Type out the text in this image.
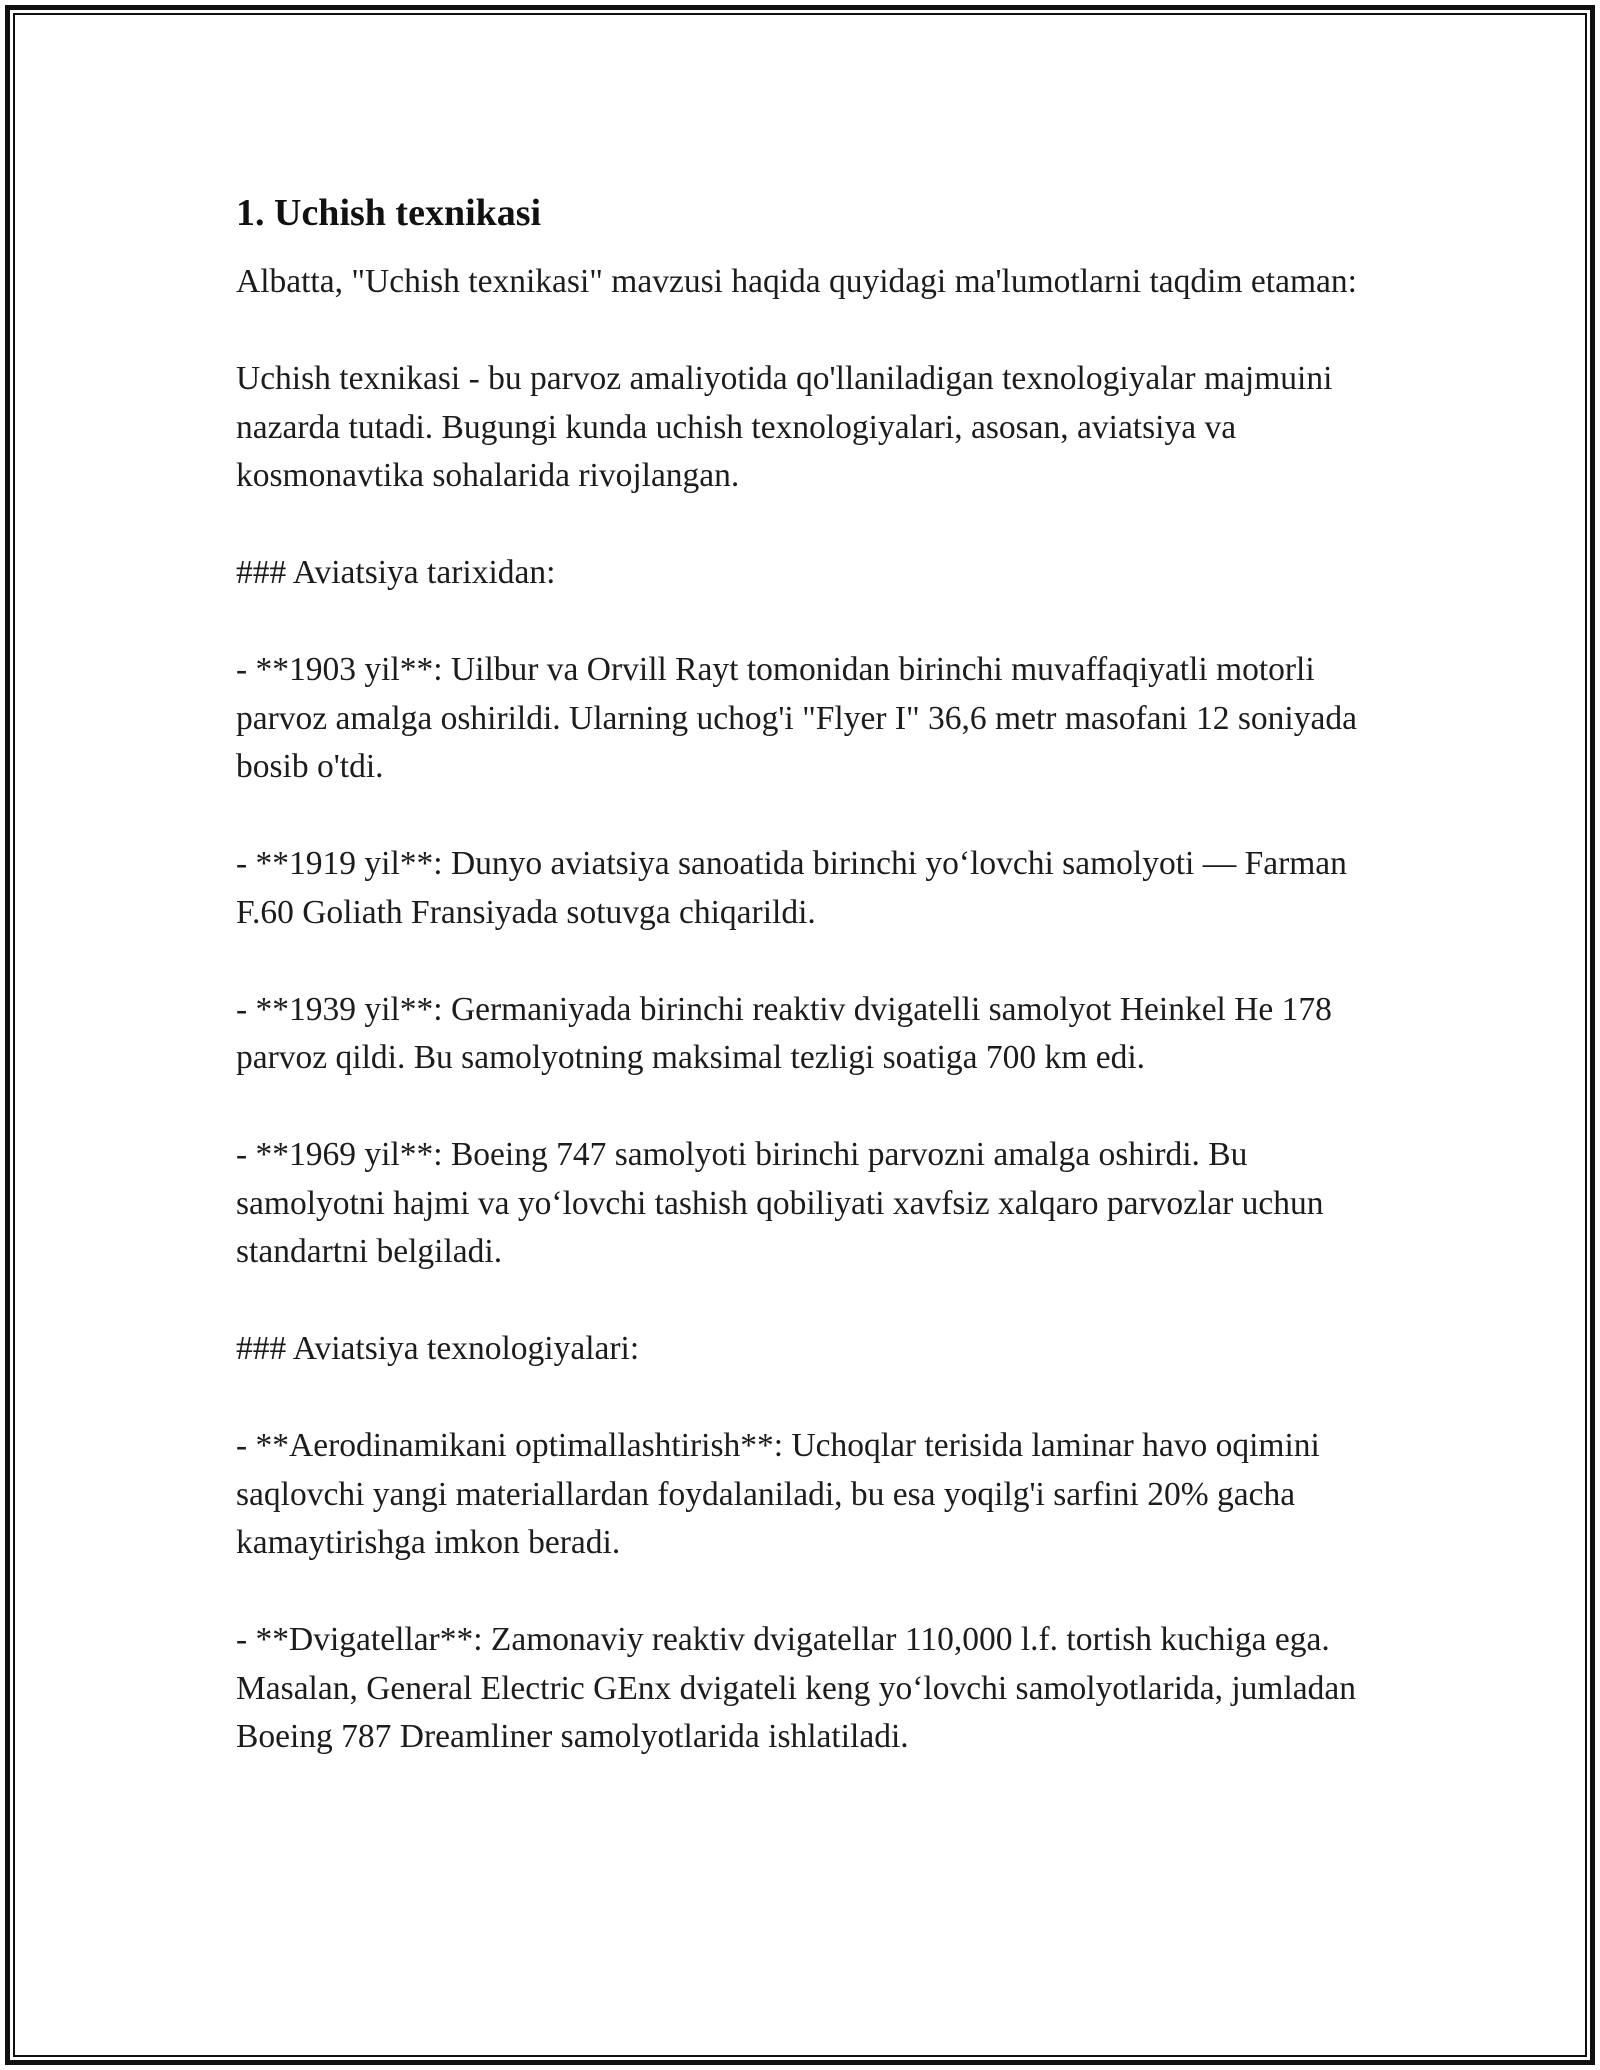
1. Uchish texnikasi

Albatta, "Uchish texnikasi" mavzusi haqida quyidagi ma'lumotlarni taqdim etaman:

Uchish texnikasi - bu parvoz amaliyotida qo'llaniladigan texnologiyalar majmuini nazarda tutadi. Bugungi kunda uchish texnologiyalari, asosan, aviatsiya va kosmonavtika sohalarida rivojlangan.

### Aviatsiya tarixidan:

- **1903 yil**: Uilbur va Orvill Rayt tomonidan birinchi muvaffaqiyatli motorli parvoz amalga oshirildi. Ularning uchog'i "Flyer I" 36,6 metr masofani 12 soniyada bosib o'tdi.

- **1919 yil**: Dunyo aviatsiya sanoatida birinchi yo‘lovchi samolyoti — Farman F.60 Goliath Fransiyada sotuvga chiqarildi.

- **1939 yil**: Germaniyada birinchi reaktiv dvigatelli samolyot Heinkel He 178 parvoz qildi. Bu samolyotning maksimal tezligi soatiga 700 km edi.

- **1969 yil**: Boeing 747 samolyoti birinchi parvozni amalga oshirdi. Bu samolyotni hajmi va yo‘lovchi tashish qobiliyati xavfsiz xalqaro parvozlar uchun standartni belgiladi.

### Aviatsiya texnologiyalari:

- **Aerodinamikani optimallashtirish**: Uchoqlar terisida laminar havo oqimini saqlovchi yangi materiallardan foydalaniladi, bu esa yoqilg'i sarfini 20% gacha kamaytirishga imkon beradi.

- **Dvigatellar**: Zamonaviy reaktiv dvigatellar 110,000 l.f. tortish kuchiga ega. Masalan, General Electric GEnx dvigateli keng yo‘lovchi samolyotlarida, jumladan Boeing 787 Dreamliner samolyotlarida ishlatiladi.
